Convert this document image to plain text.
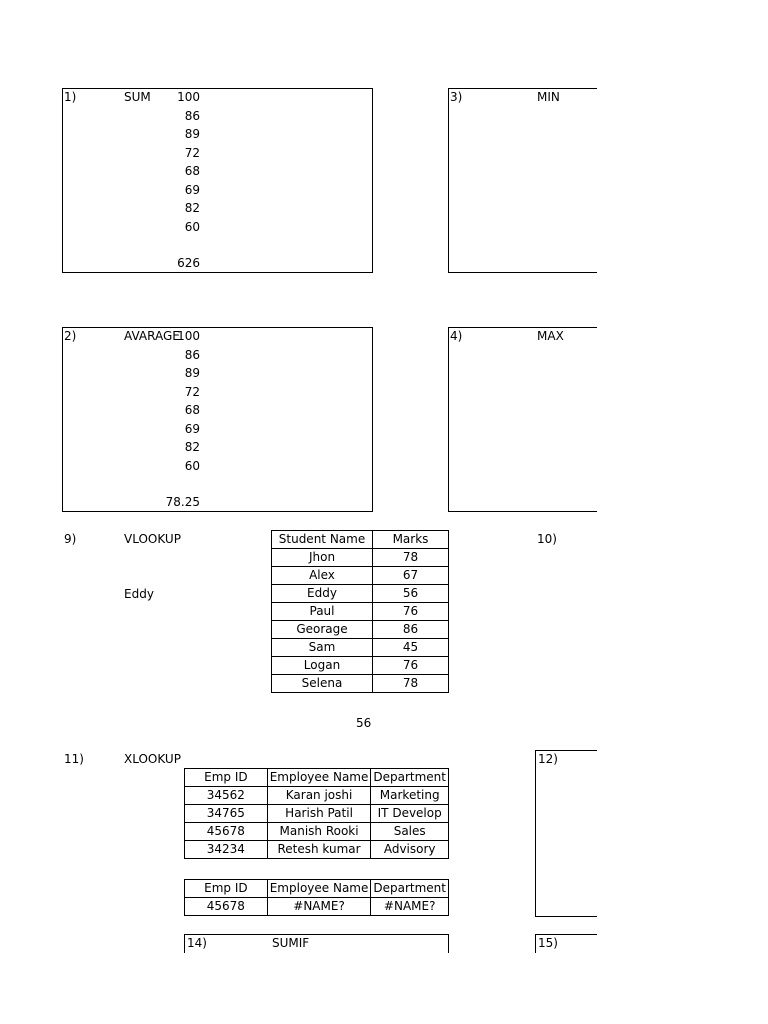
1)	SUM 100
86
89
72
68
69
82
60
626
3)	MIN
2)	AVARAGE
100
86
89
72
68
69
82
60
78.25
4)	MAX
9)	VLOOKUP
Eddy
Student Name	Marks
Jhon	78
Alex	67
Eddy	56
Paul	76
Georage	86
Sam	45
Logan	76
Selena	78
56
10)
11)	XLOOKUP
Emp ID	Employee Name	Department
34562	Karan joshi	Marketing
34765	Harish Patil	IT Develop
45678	Manish Rooki	Sales
34234	Retesh kumar	Advisory
Emp ID	Employee Name	Department
45678	#NAME?	#NAME?
12)
14)	SUMIF	15)
